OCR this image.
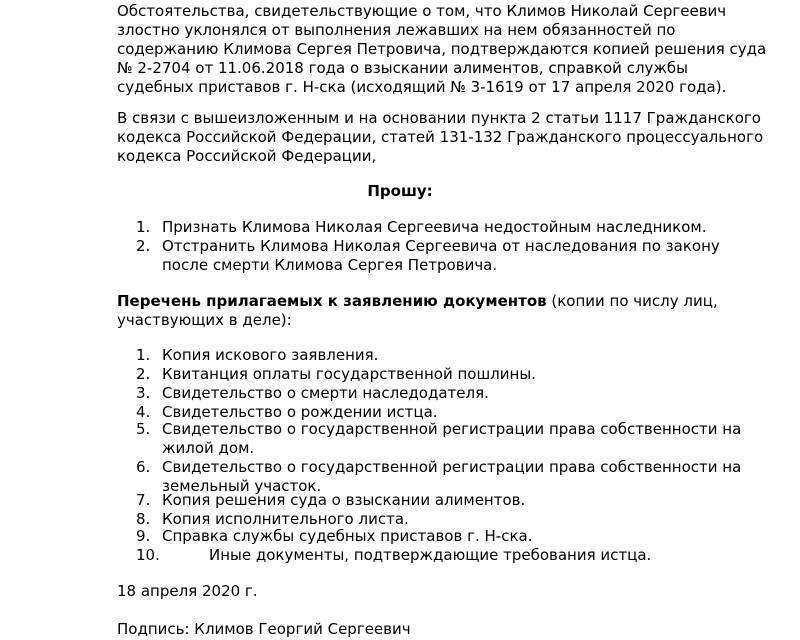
Обстоятельства, свидетельствующие о том, что Климов Николай Сергеевич
злостно уклонялся от выполнения лежавших на нем обязанностей по
содержанию Климова Сергея Петровича, подтверждаются копией решения суда
№ 2-2704 от 11.06.2018 года о взыскании алиментов, справкой службы
судебных приставов г. Н-ска (исходящий № 3-1619 от 17 апреля 2020 года).

В связи с вышеизложенным и на основании пункта 2 статьи 1117 Гражданского
кодекса Российской Федерации, статей 131-132 Гражданского процессуального
кодекса Российской Федерации,

Прошу:

1. Признать Климова Николая Сергеевича недостойным наследником.
2. Отстранить Климова Николая Сергеевича от наследования по закону
после смерти Климова Сергея Петровича.

Перечень прилагаемых к заявлению документов (копии по числу лиц,
участвующих в деле):

1. Копия искового заявления.
2. Квитанция оплаты государственной пошлины.
3. Свидетельство о смерти наследодателя.
4. Свидетельство о рождении истца.
5. Свидетельство о государственной регистрации права собственности на
жилой дом.
6. Свидетельство о государственной регистрации права собственности на
земельный участок.
7. Копия решения суда о взыскании алиментов.
8. Копия исполнительного листа.
9. Справка службы судебных приставов г. Н-ска.
10.	Иные документы, подтверждающие требования истца.

18 апреля 2020 г.

Подпись: Климов Георгий Сергеевич
